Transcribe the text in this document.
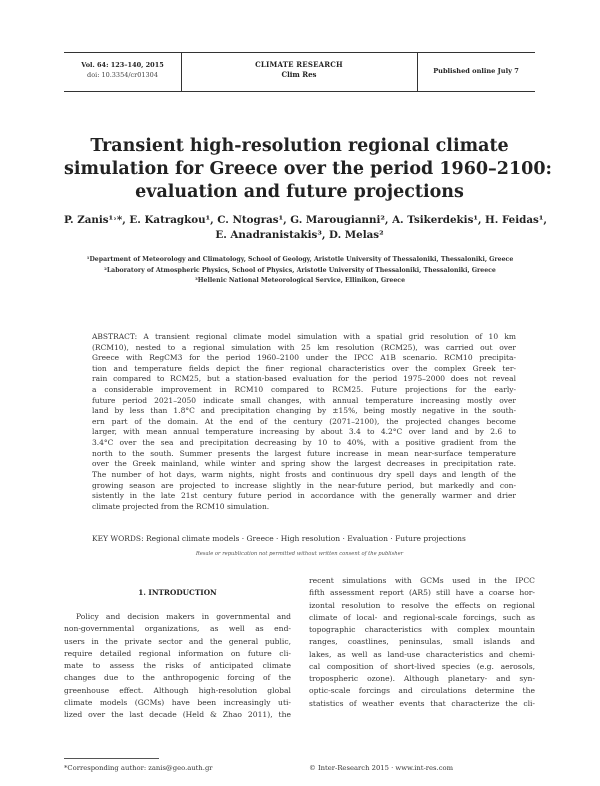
Vol. 64: 123–140, 2015
doi: 10.3354/cr01304
CLIMATE RESEARCH
Clim Res	Published online July 7
Transient high-resolution regional climate
simulation for Greece over the period 1960–2100:
evaluation and future projections
P. Zanis¹˒*, E. Katragkou¹, C. Ntogras¹, G. Marougianni², A. Tsikerdekis¹, H. Feidas¹,
E. Anadranistakis³, D. Melas²
¹Department of Meteorology and Climatology, School of Geology, Aristotle University of Thessaloniki, Thessaloniki, Greece
²Laboratory of Atmospheric Physics, School of Physics, Aristotle University of Thessaloniki, Thessaloniki, Greece
³Hellenic National Meteorological Service, Ellinikon, Greece
ABSTRACT: A transient regional climate model simulation with a spatial grid resolution of 10 km
(RCM10), nested to a regional simulation with 25 km resolution (RCM25), was carried out over
Greece with RegCM3 for the period 1960–2100 under the IPCC A1B scenario. RCM10 precipita-
tion and temperature fields depict the finer regional characteristics over the complex Greek ter-
rain compared to RCM25, but a station-based evaluation for the period 1975–2000 does not reveal
a considerable improvement in RCM10 compared to RCM25. Future projections for the early-
future period 2021–2050 indicate small changes, with annual temperature increasing mostly over
land by less than 1.8°C and precipitation changing by ±15%, being mostly negative in the south-
ern part of the domain. At the end of the century (2071–2100), the projected changes become
larger, with mean annual temperature increasing by about 3.4 to 4.2°C over land and by 2.6 to
3.4°C over the sea and precipitation decreasing by 10 to 40%, with a positive gradient from the
north to the south. Summer presents the largest future increase in mean near-surface temperature
over the Greek mainland, while winter and spring show the largest decreases in precipitation rate.
The number of hot days, warm nights, night frosts and continuous dry spell days and length of the
growing season are projected to increase slightly in the near-future period, but markedly and con-
sistently in the late 21st century future period in accordance with the generally warmer and drier
climate projected from the RCM10 simulation.
KEY WORDS: Regional climate models · Greece · High resolution · Evaluation · Future projections
Resale or republication not permitted without written consent of the publisher
1. INTRODUCTION
Policy and decision makers in governmental and
non-governmental organizations, as well as end-
users in the private sector and the general public,
require detailed regional information on future cli-
mate to assess the risks of anticipated climate
changes due to the anthropogenic forcing of the
greenhouse effect. Although high-resolution global
climate models (GCMs) have been increasingly uti-
lized over the last decade (Held & Zhao 2011), the
recent simulations with GCMs used in the IPCC
fifth assessment report (AR5) still have a coarse hor-
izontal resolution to resolve the effects on regional
climate of local- and regional-scale forcings, such as
topographic characteristics with complex mountain
ranges, coastlines, peninsulas, small islands and
lakes, as well as land-use characteristics and chemi-
cal composition of short-lived species (e.g. aerosols,
tropospheric ozone). Although planetary- and syn-
optic-scale forcings and circulations determine the
statistics of weather events that characterize the cli-
*Corresponding author: zanis@geo.auth.gr	© Inter-Research 2015 · www.int-res.com
